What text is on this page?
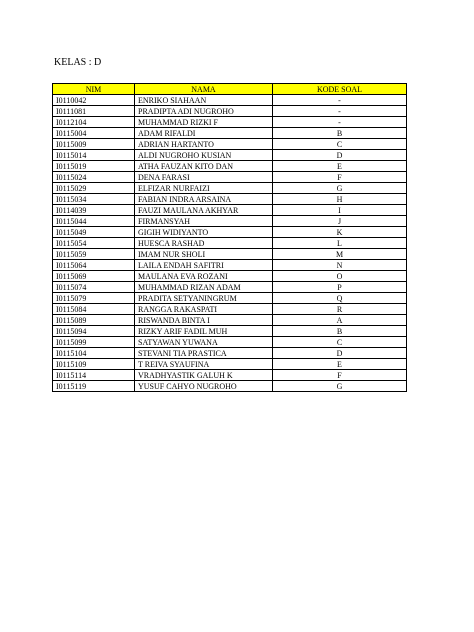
KELAS : D
NIM	NAMA	KODE SOAL
I0110042	ENRIKO SIAHAAN	-
I0111081	PRADIPTA ADI NUGROHO	-
I0112104	MUHAMMAD RIZKI F	-
I0115004	ADAM RIFALDI	B
I0115009	ADRIAN HARTANTO	C
I0115014	ALDI NUGROHO KUSIAN	D
I0115019	ATHA FAUZAN KITO DAN	E
I0115024	DENA FARASI	F
I0115029	ELFIZAR NURFAIZI	G
I0115034	FABIAN INDRA ARSAINA	H
I0114039	FAUZI MAULANA AKHYAR	I
I0115044	FIRMANSYAH	J
I0115049	GIGIH WIDIYANTO	K
I0115054	HUESCA RASHAD	L
I0115059	IMAM NUR SHOLI	M
I0115064	LAILA ENDAH SAFITRI	N
I0115069	MAULANA EVA ROZANI	O
I0115074	MUHAMMAD RIZAN ADAM	P
I0115079	PRADITA SETYANINGRUM	Q
I0115084	RANGGA RAKASPATI	R
I0115089	RISWANDA BINTA I	A
I0115094	RIZKY ARIF FADIL MUH	B
I0115099	SATYAWAN YUWANA	C
I0115104	STEVANI TIA PRASTICA	D
I0115109	T REIVA SYAUFINA	E
I0115114	VRADHYASTIK GALUH K	F
I0115119	YUSUF CAHYO NUGROHO	G
